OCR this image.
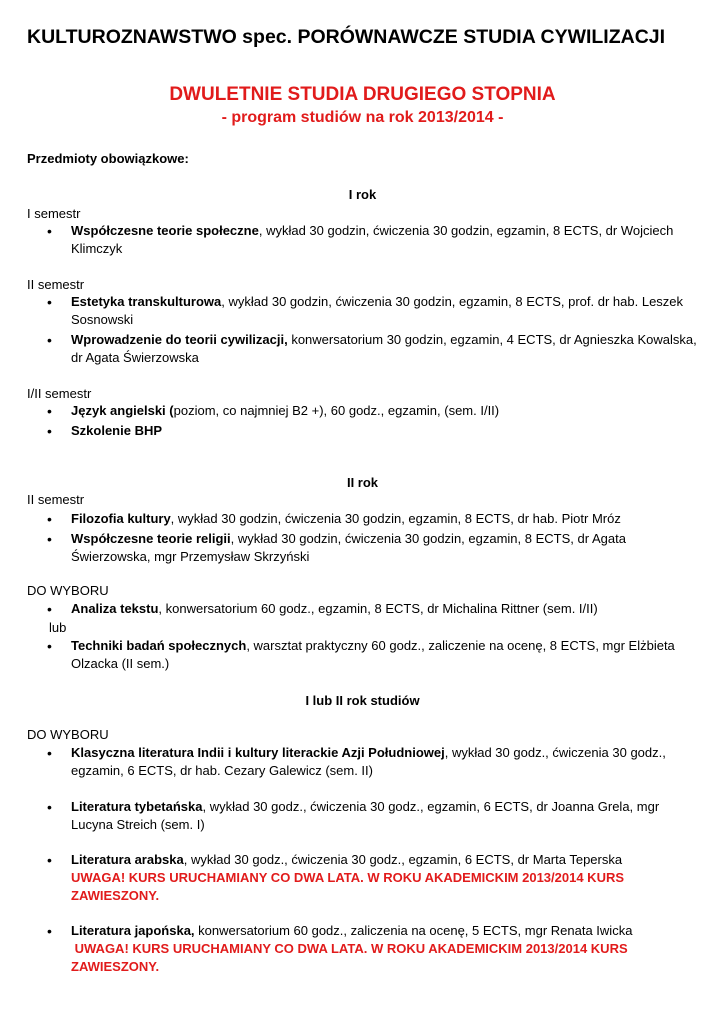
KULTUROZNAWSTWO spec. PORÓWNAWCZE STUDIA CYWILIZACJI
DWULETNIE STUDIA DRUGIEGO STOPNIA
- program studiów na rok 2013/2014 -
Przedmioty obowiązkowe:
I rok
I semestr
•	Współczesne teorie społeczne, wykład 30 godzin, ćwiczenia 30 godzin, egzamin, 8 ECTS, dr Wojciech
Klimczyk
II semestr
•	Estetyka transkulturowa, wykład 30 godzin, ćwiczenia 30 godzin, egzamin, 8 ECTS, prof. dr hab. Leszek
Sosnowski
•	Wprowadzenie do teorii cywilizacji, konwersatorium 30 godzin, egzamin, 4 ECTS, dr Agnieszka Kowalska,
dr Agata Świerzowska
I/II semestr
•	Język angielski (poziom, co najmniej B2 +), 60 godz., egzamin, (sem. I/II)
•	Szkolenie BHP
II rok
II semestr
•	Filozofia kultury, wykład 30 godzin, ćwiczenia 30 godzin, egzamin, 8 ECTS, dr hab. Piotr Mróz
•	Współczesne teorie religii, wykład 30 godzin, ćwiczenia 30 godzin, egzamin, 8 ECTS, dr Agata
Świerzowska, mgr Przemysław Skrzyński
DO WYBORU
•	Analiza tekstu, konwersatorium 60 godz., egzamin, 8 ECTS, dr Michalina Rittner (sem. I/II)
lub
•	Techniki badań społecznych, warsztat praktyczny 60 godz., zaliczenie na ocenę, 8 ECTS, mgr Elżbieta
Olzacka (II sem.)
I lub II rok studiów
DO WYBORU
•	Klasyczna literatura Indii i kultury literackie Azji Południowej, wykład 30 godz., ćwiczenia 30 godz.,
egzamin, 6 ECTS, dr hab. Cezary Galewicz (sem. II)
•	Literatura tybetańska, wykład 30 godz., ćwiczenia 30 godz., egzamin, 6 ECTS, dr Joanna Grela, mgr
Lucyna Streich (sem. I)
•	Literatura arabska, wykład 30 godz., ćwiczenia 30 godz., egzamin, 6 ECTS, dr Marta Teperska
UWAGA! KURS URUCHAMIANY CO DWA LATA. W ROKU AKADEMICKIM 2013/2014 KURS
ZAWIESZONY.
•	Literatura japońska, konwersatorium 60 godz., zaliczenia na ocenę, 5 ECTS, mgr Renata Iwicka
UWAGA! KURS URUCHAMIANY CO DWA LATA. W ROKU AKADEMICKIM 2013/2014 KURS
ZAWIESZONY.
